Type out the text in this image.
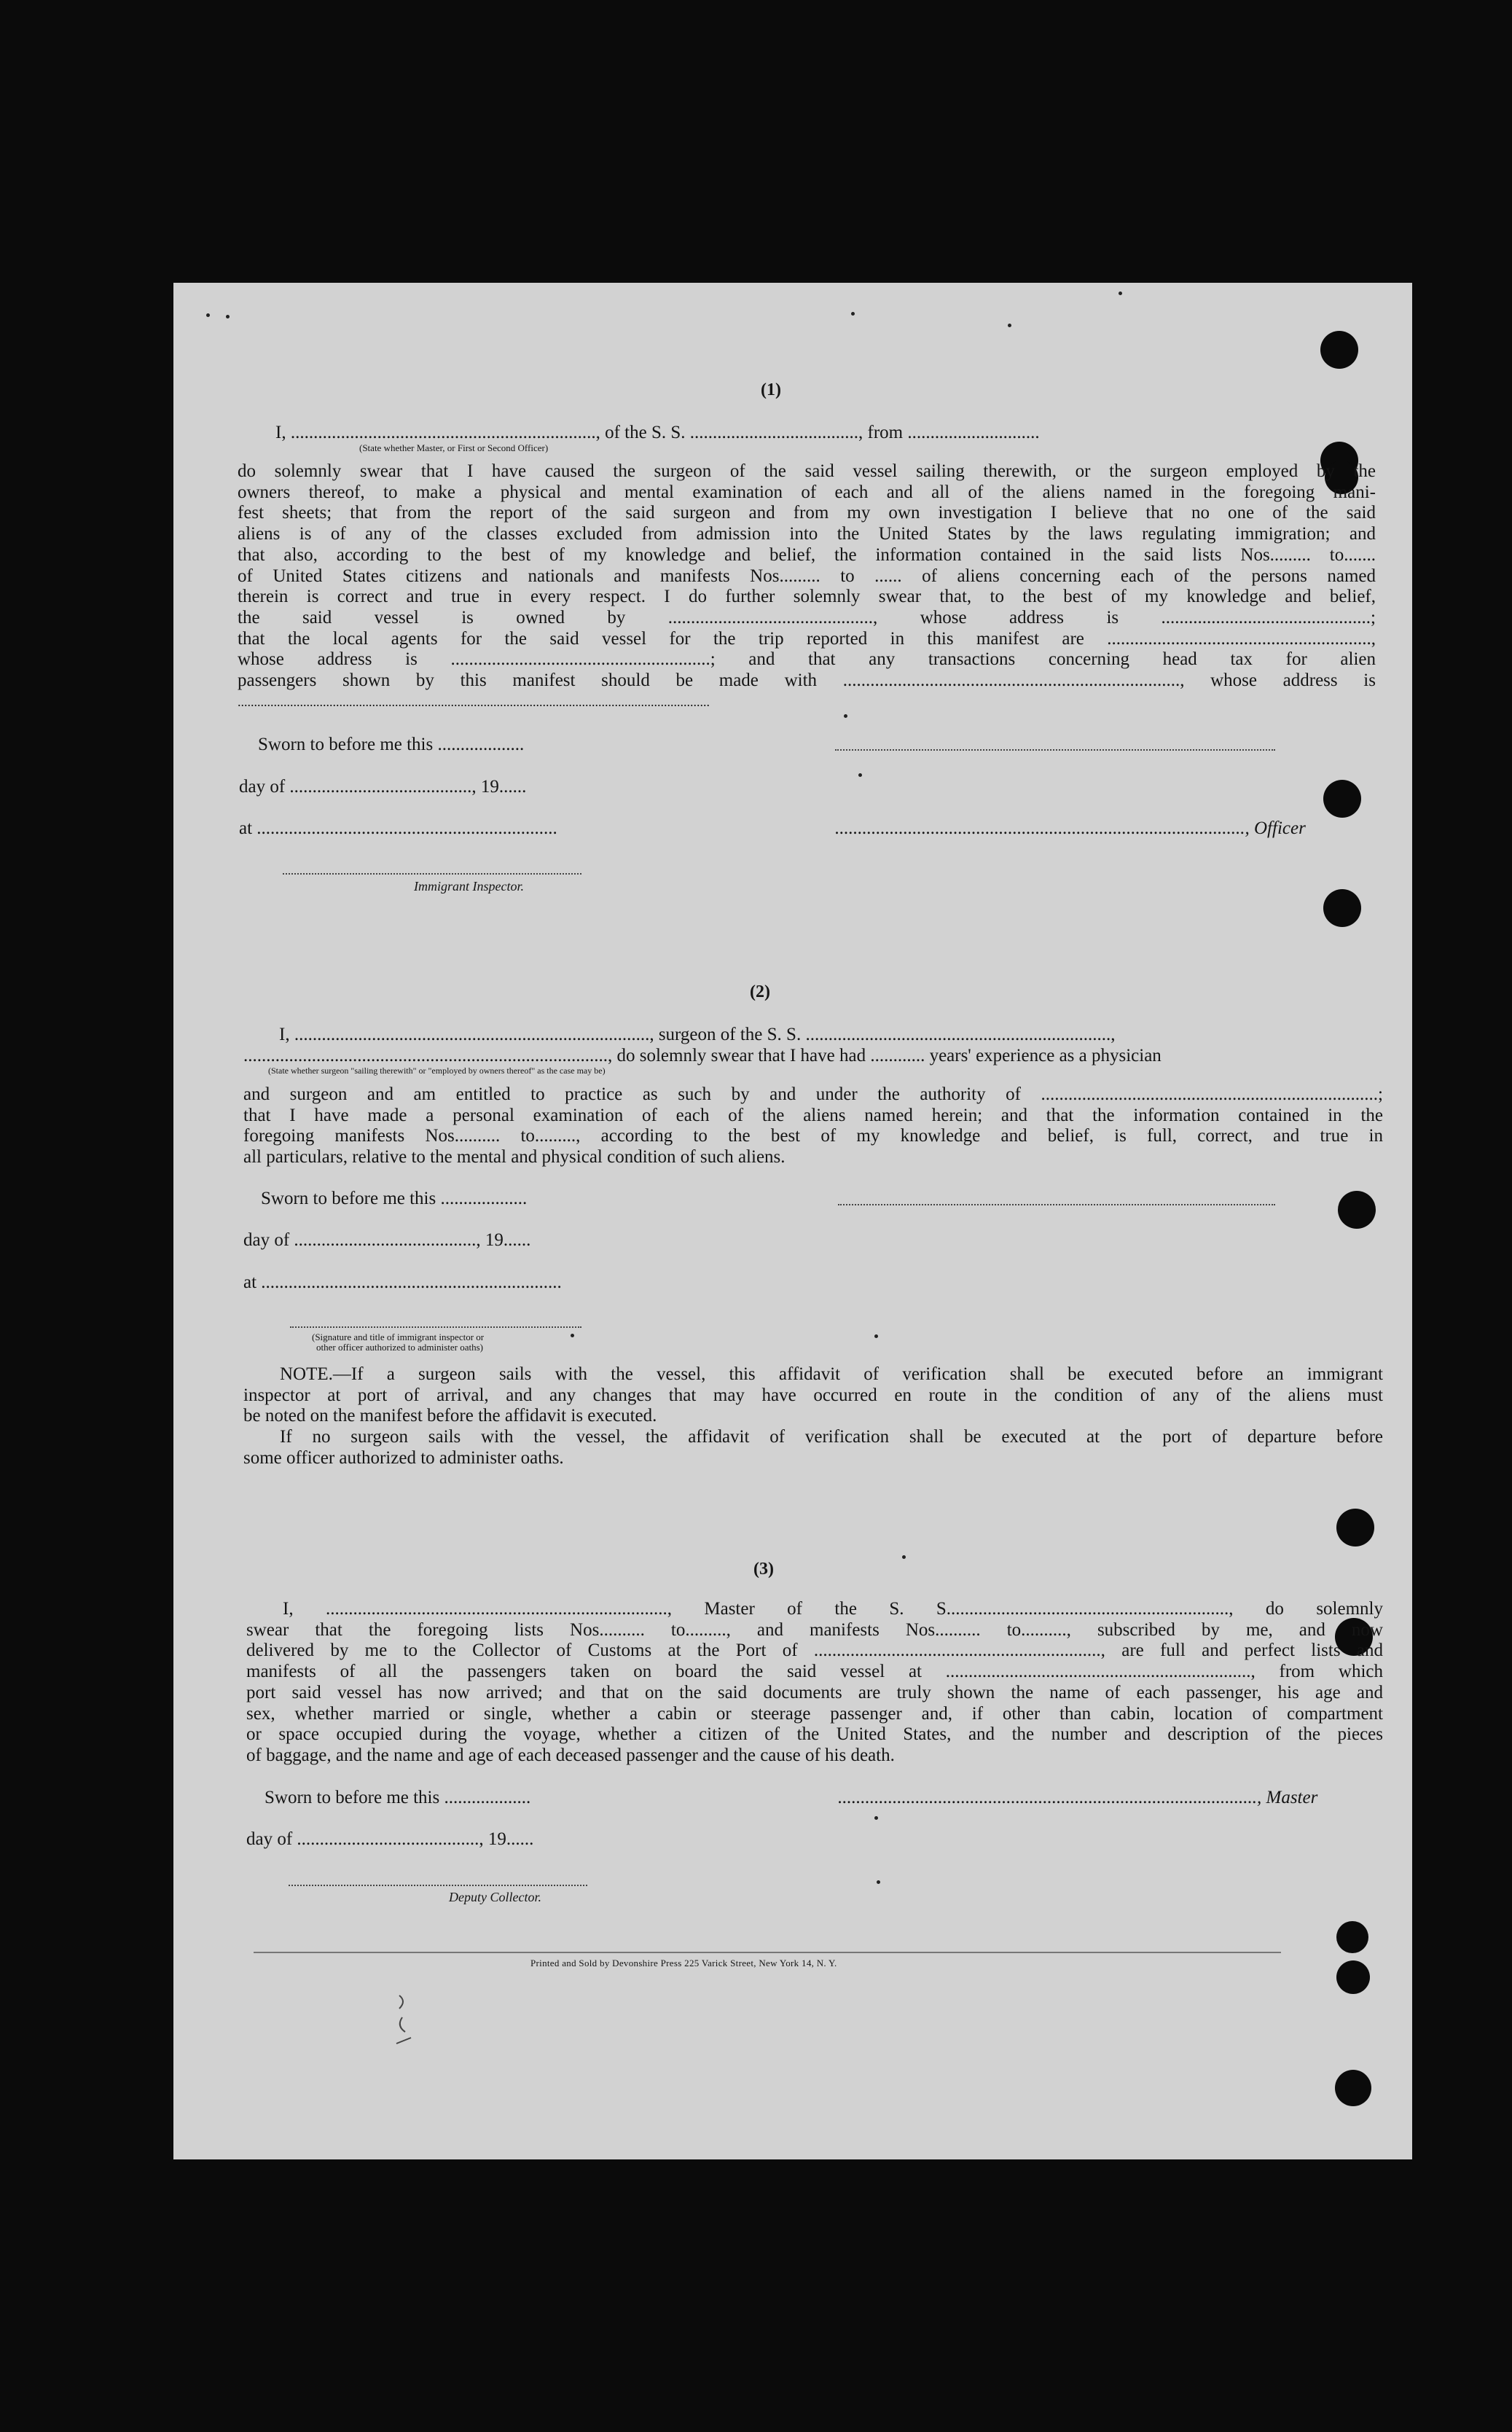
(1)
I, ..................................................................., of the S. S. ....................................., from .............................
(State whether Master, or First or Second Officer)
do solemnly swear that I have caused the surgeon of the said vessel sailing therewith, or the surgeon employed by the
owners thereof, to make a physical and mental examination of each and all of the aliens named in the foregoing mani-
fest sheets; that from the report of the said surgeon and from my own investigation I believe that no one of the said
aliens is of any of the classes excluded from admission into the United States by the laws regulating immigration; and
that also, according to the best of my knowledge and belief, the information contained in the said lists Nos......... to.......
of United States citizens and nationals and manifests Nos......... to ...... of aliens concerning each of the persons named
therein is correct and true in every respect. I do further solemnly swear that, to the best of my knowledge and belief,
the said vessel is owned by ............................................., whose address is ..............................................;
that the local agents for the said vessel for the trip reported in this manifest are ..........................................................,
whose address is .........................................................; and that any transactions concerning head tax for alien
passengers shown by this manifest should be made with .........................................................................., whose address is
................................................................................................................................................
Sworn to before me this ...................
day of ........................................, 19......
at ..................................................................	.........................................................................................., Officer
Immigrant Inspector.
(2)
I, .............................................................................., surgeon of the S. S. ...................................................................,
................................................................................, do solemnly swear that I have had ............ years' experience as a physician
(State whether surgeon "sailing therewith" or "employed by owners thereof" as the case may be)
and surgeon and am entitled to practice as such by and under the authority of ..........................................................................;
that I have made a personal examination of each of the aliens named herein; and that the information contained in the
foregoing manifests Nos.......... to........., according to the best of my knowledge and belief, is full, correct, and true in
all particulars, relative to the mental and physical condition of such aliens.
Sworn to before me this ...................
day of ........................................, 19......
at ..................................................................
(Signature and title of immigrant inspector or
other officer authorized to administer oaths)
NOTE.—If a surgeon sails with the vessel, this affidavit of verification shall be executed before an immigrant
inspector at port of arrival, and any changes that may have occurred en route in the condition of any of the aliens must
be noted on the manifest before the affidavit is executed.
If no surgeon sails with the vessel, the affidavit of verification shall be executed at the port of departure before
some officer authorized to administer oaths.
(3)
I, ..........................................................................., Master of the S. S.............................................................., do solemnly
swear that the foregoing lists Nos.......... to........., and manifests Nos.......... to.........., subscribed by me, and now
delivered by me to the Collector of Customs at the Port of ..............................................................., are full and perfect lists and
manifests of all the passengers taken on board the said vessel at ..................................................................., from which
port said vessel has now arrived; and that on the said documents are truly shown the name of each passenger, his age and
sex, whether married or single, whether a cabin or steerage passenger and, if other than cabin, location of compartment
or space occupied during the voyage, whether a citizen of the United States, and the number and description of the pieces
of baggage, and the name and age of each deceased passenger and the cause of his death.
Sworn to before me this ...................	............................................................................................, Master
day of ........................................, 19......
Deputy Collector.
Printed and Sold by Devonshire Press 225 Varick Street, New York 14, N. Y.
